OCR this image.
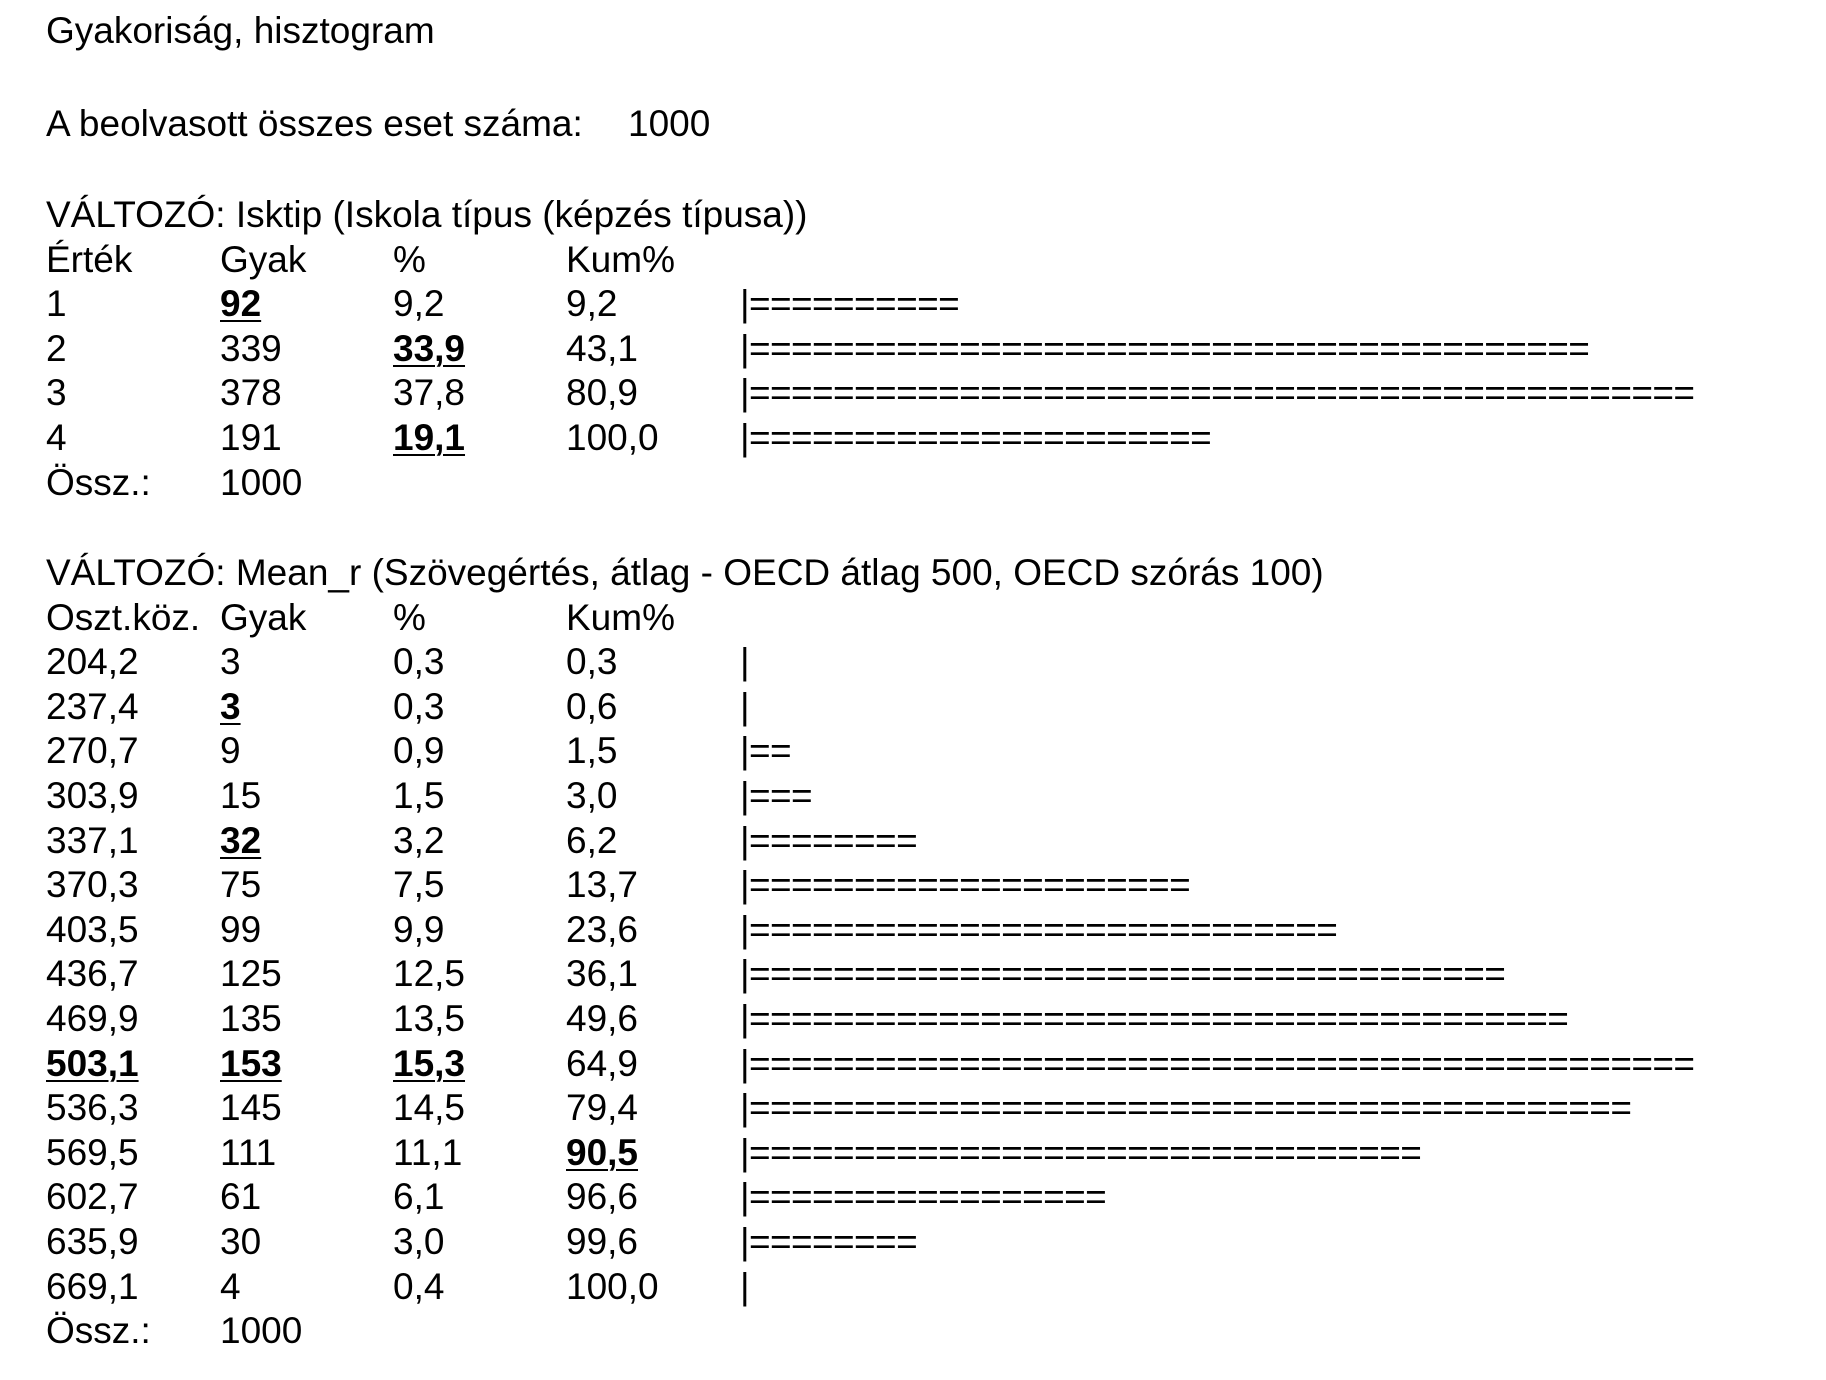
Gyakoriság, hisztogram
A beolvasott összes eset száma: 1000
VÁLTOZÓ: Isktip (Iskola típus (képzés típusa))
Érték Gyak %	Kum%
1	92	9,2	9,2	|==========
2	339	33,9	43,1	|========================================
3	378	37,8	80,9	|=============================================
4	191	19,1	100,0 |======================
Össz.: 1000
VÁLTOZÓ: Mean_r (Szövegértés, átlag - OECD átlag 500, OECD szórás 100)
Oszt.köz. Gyak %	Kum%
204,2 3	0,3	0,3	|
237,4 3	0,3	0,6	|
270,7 9	0,9	1,5	|==
303,9 15	1,5	3,0	|===
337,1 32	3,2	6,2	|========
370,3 75	7,5	13,7	|=====================
403,5 99	9,9	23,6	|============================
436,7 125	12,5	36,1	|====================================
469,9 135	13,5	49,6	|=======================================
503,1 153	15,3	64,9	|=============================================
536,3 145	14,5	79,4	|==========================================
569,5 111	11,1	90,5	|================================
602,7 61	6,1	96,6	|=================
635,9 30	3,0	99,6	|========
669,1 4	0,4	100,0 |
Össz.: 1000
